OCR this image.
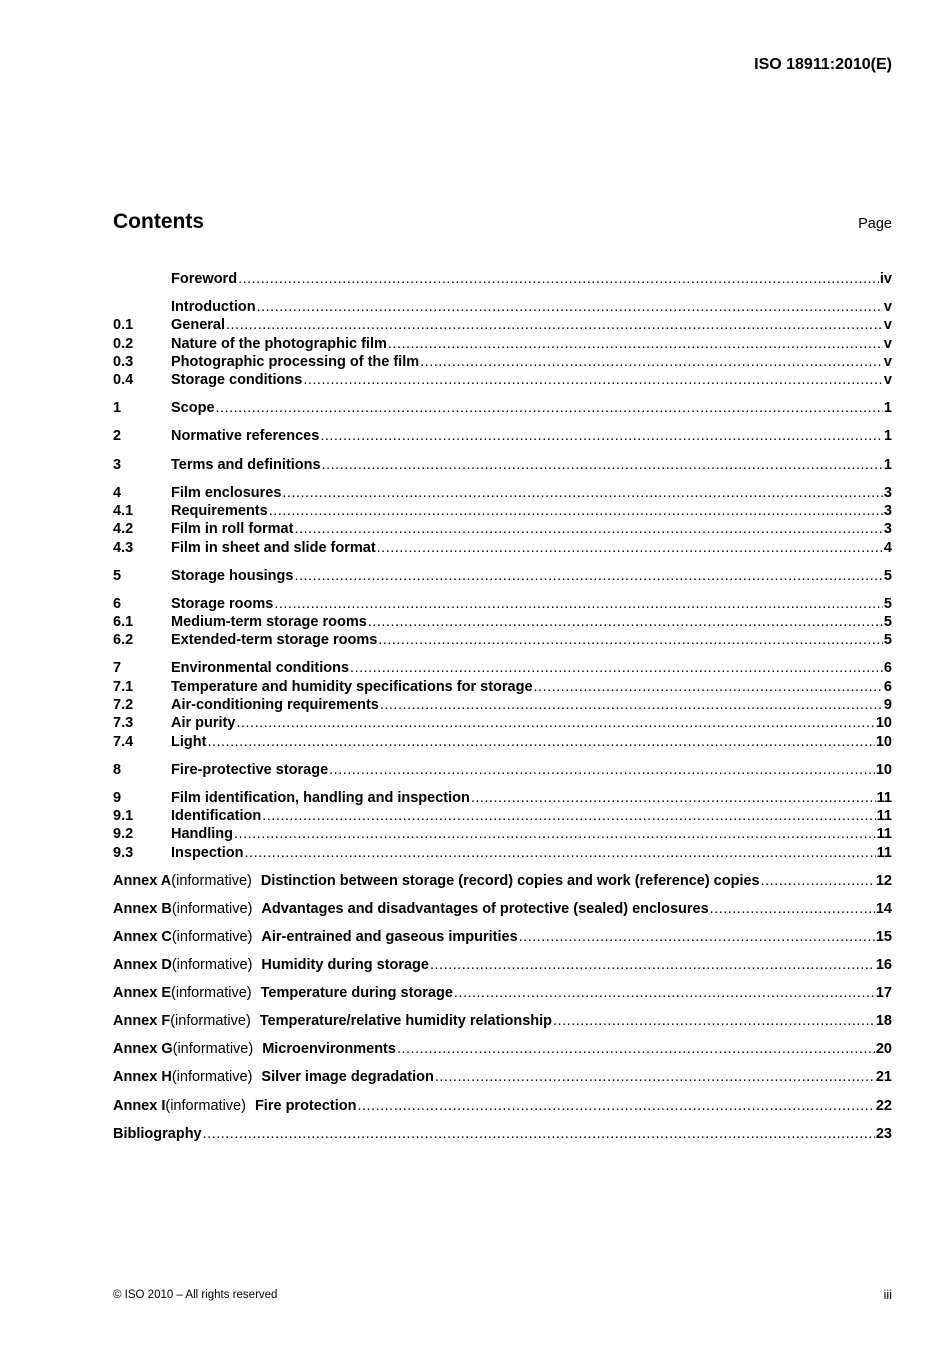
ISO 18911:2010(E)
Contents	Page
Foreword .....	iv
Introduction .....	v
0.1	General .....	v
0.2	Nature of the photographic film .....	v
0.3	Photographic processing of the film .....	v
0.4	Storage conditions .....	v
1	Scope .....	1
2	Normative references .....	1
3	Terms and definitions .....	1
4	Film enclosures .....	3
4.1	Requirements .....	3
4.2	Film in roll format .....	3
4.3	Film in sheet and slide format .....	4
5	Storage housings .....	5
6	Storage rooms .....	5
6.1	Medium-term storage rooms .....	5
6.2	Extended-term storage rooms .....	5
7	Environmental conditions .....	6
7.1	Temperature and humidity specifications for storage .....	6
7.2	Air-conditioning requirements .....	9
7.3	Air purity .....	10
7.4	Light .....	10
8	Fire-protective storage .....	10
9	Film identification, handling and inspection .....	11
9.1	Identification .....	11
9.2	Handling .....	11
9.3	Inspection .....	11
Annex A (informative) Distinction between storage (record) copies and work (reference) copies .....	12
Annex B (informative) Advantages and disadvantages of protective (sealed) enclosures .....	14
Annex C (informative) Air-entrained and gaseous impurities .....	15
Annex D (informative) Humidity during storage .....	16
Annex E (informative) Temperature during storage .....	17
Annex F (informative) Temperature/relative humidity relationship .....	18
Annex G (informative) Microenvironments .....	20
Annex H (informative) Silver image degradation .....	21
Annex I (informative) Fire protection .....	22
Bibliography .....	23
© ISO 2010 – All rights reserved	iii
